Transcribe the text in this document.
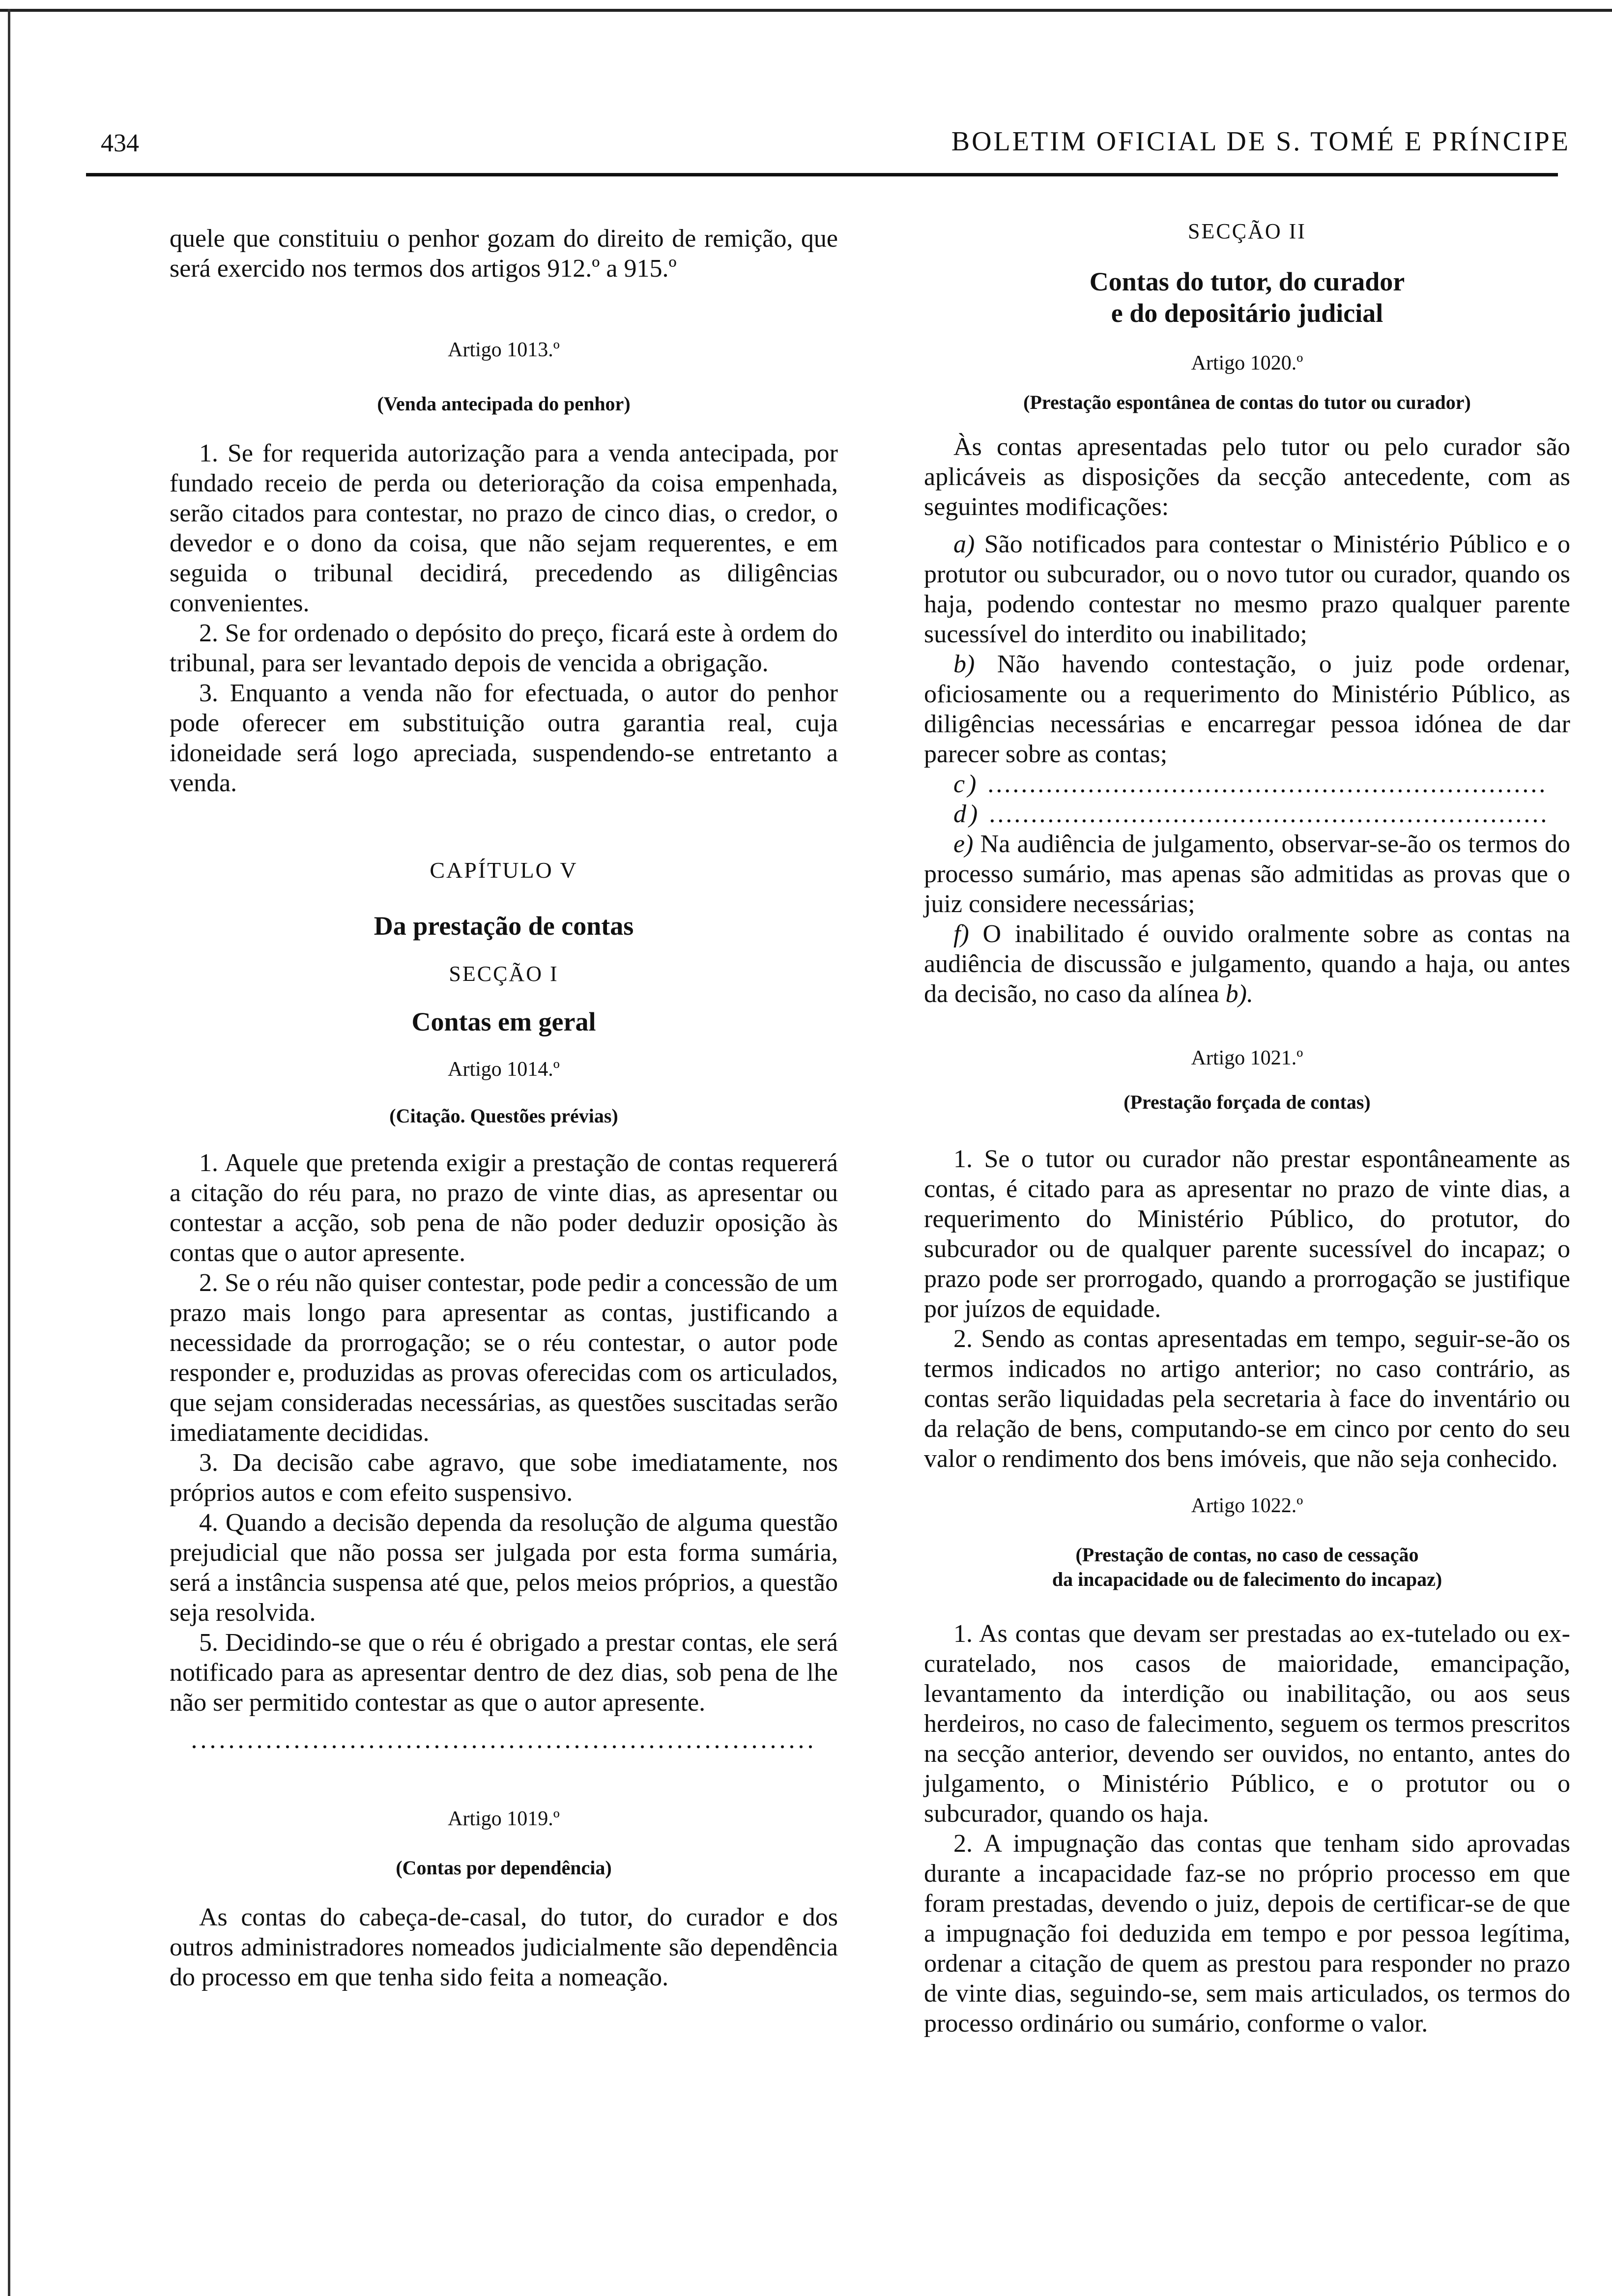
434	BOLETIM OFICIAL DE S. TOMÉ E PRÍNCIPE

quele que constituiu o penhor gozam do direito de remição, que será exercido nos termos dos artigos 912.º a 915.º

Artigo 1013.º
(Venda antecipada do penhor)

1. Se for requerida autorização para a venda antecipada, por fundado receio de perda ou deterioração da coisa empenhada, serão citados para contestar, no prazo de cinco dias, o credor, o devedor e o dono da coisa, que não sejam requerentes, e em seguida o tribunal decidirá, precedendo as diligências convenientes.

2. Se for ordenado o depósito do preço, ficará este à ordem do tribunal, para ser levantado depois de vencida a obrigação.

3. Enquanto a venda não for efectuada, o autor do penhor pode oferecer em substituição outra garantia real, cuja idoneidade será logo apreciada, suspendendo-se entretanto a venda.

CAPÍTULO V
Da prestação de contas
SECÇÃO I
Contas em geral
Artigo 1014.º
(Citação. Questões prévias)

1. Aquele que pretenda exigir a prestação de contas requererá a citação do réu para, no prazo de vinte dias, as apresentar ou contestar a acção, sob pena de não poder deduzir oposição às contas que o autor apresente.

2. Se o réu não quiser contestar, pode pedir a concessão de um prazo mais longo para apresentar as contas, justificando a necessidade da prorrogação; se o réu contestar, o autor pode responder e, produzidas as provas oferecidas com os articulados, que sejam consideradas necessárias, as questões suscitadas serão imediatamente decididas.

3. Da decisão cabe agravo, que sobe imediatamente, nos próprios autos e com efeito suspensivo.

4. Quando a decisão dependa da resolução de alguma questão prejudicial que não possa ser julgada por esta forma sumária, será a instância suspensa até que, pelos meios próprios, a questão seja resolvida.

5. Decidindo-se que o réu é obrigado a prestar contas, ele será notificado para as apresentar dentro de dez dias, sob pena de lhe não ser permitido contestar as que o autor apresente.

...................................................................
Artigo 1019.º
(Contas por dependência)

As contas do cabeça-de-casal, do tutor, do curador e dos outros administradores nomeados judicialmente são dependência do processo em que tenha sido feita a nomeação.

SECÇÃO II
Contas do tutor, do curador
e do depositário judicial
Artigo 1020.º
(Prestação espontânea de contas do tutor ou curador)

Às contas apresentadas pelo tutor ou pelo curador são aplicáveis as disposições da secção antecedente, com as seguintes modificações:

a) São notificados para contestar o Ministério Público e o protutor ou subcurador, ou o novo tutor ou curador, quando os haja, podendo contestar no mesmo prazo qualquer parente sucessível do interdito ou inabilitado;

b) Não havendo contestação, o juiz pode ordenar, oficiosamente ou a requerimento do Ministério Público, as diligências necessárias e encarregar pessoa idónea de dar parecer sobre as contas;

c) ...................................................................

d) ...................................................................

e) Na audiência de julgamento, observar-se-ão os termos do processo sumário, mas apenas são admitidas as provas que o juiz considere necessárias;

f) O inabilitado é ouvido oralmente sobre as contas na audiência de discussão e julgamento, quando a haja, ou antes da decisão, no caso da alínea b).

Artigo 1021.º
(Prestação forçada de contas)

1. Se o tutor ou curador não prestar espontâneamente as contas, é citado para as apresentar no prazo de vinte dias, a requerimento do Ministério Público, do protutor, do subcurador ou de qualquer parente sucessível do incapaz; o prazo pode ser prorrogado, quando a prorrogação se justifique por juízos de equidade.

2. Sendo as contas apresentadas em tempo, seguir-se-ão os termos indicados no artigo anterior; no caso contrário, as contas serão liquidadas pela secretaria à face do inventário ou da relação de bens, computando-se em cinco por cento do seu valor o rendimento dos bens imóveis, que não seja conhecido.

Artigo 1022.º
(Prestação de contas, no caso de cessação
da incapacidade ou de falecimento do incapaz)

1. As contas que devam ser prestadas ao ex-tutelado ou ex-curatelado, nos casos de maioridade, emancipação, levantamento da interdição ou inabilitação, ou aos seus herdeiros, no caso de falecimento, seguem os termos prescritos na secção anterior, devendo ser ouvidos, no entanto, antes do julgamento, o Ministério Público, e o protutor ou o subcurador, quando os haja.

2. A impugnação das contas que tenham sido aprovadas durante a incapacidade faz-se no próprio processo em que foram prestadas, devendo o juiz, depois de certificar-se de que a impugnação foi deduzida em tempo e por pessoa legítima, ordenar a citação de quem as prestou para responder no prazo de vinte dias, seguindo-se, sem mais articulados, os termos do processo ordinário ou sumário, conforme o valor.
